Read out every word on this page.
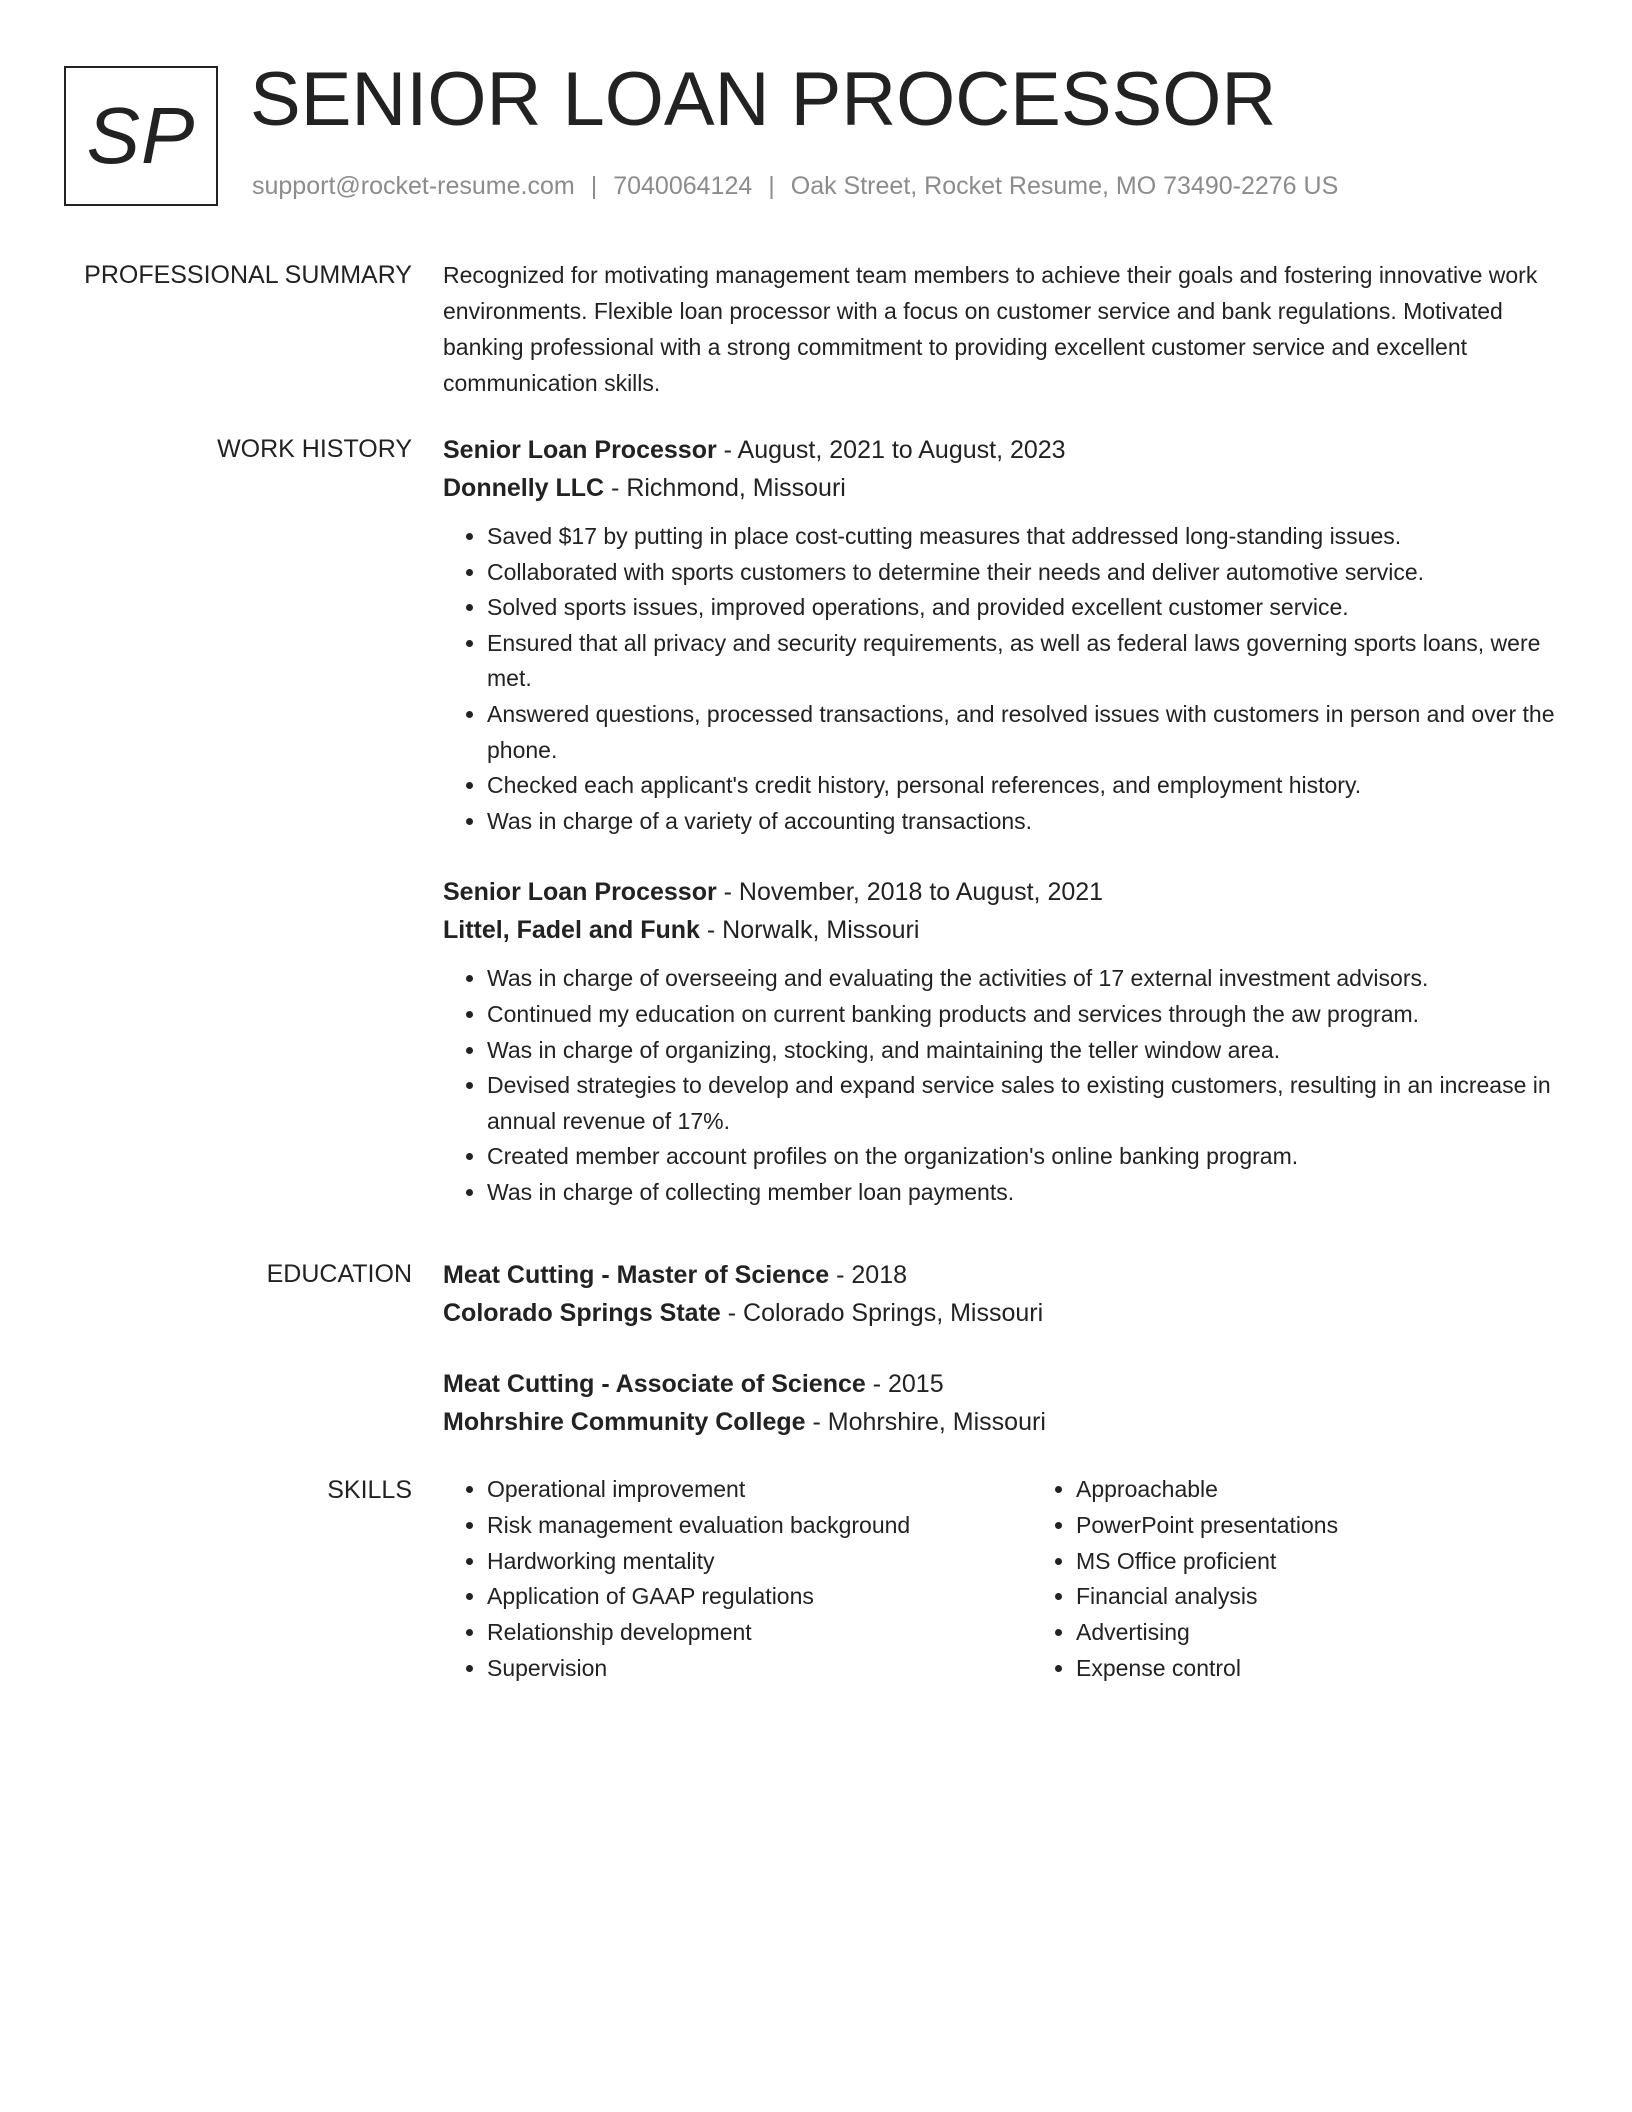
SP SENIOR LOAN PROCESSOR
support@rocket-resume.com | 7040064124 | Oak Street, Rocket Resume, MO 73490-2276 US
PROFESSIONAL SUMMARY Recognized for motivating management team members to achieve their goals and fostering innovative work environments. Flexible loan processor with a focus on customer service and bank regulations. Motivated banking professional with a strong commitment to providing excellent customer service and excellent communication skills.

WORK HISTORY Senior Loan Processor - August, 2021 to August, 2023

Donnelly LLC - Richmond, Missouri

• Saved $17 by putting in place cost-cutting measures that addressed long-standing issues.
• Collaborated with sports customers to determine their needs and deliver automotive service.
• Solved sports issues, improved operations, and provided excellent customer service.
• Ensured that all privacy and security requirements, as well as federal laws governing sports loans, were met.
• Answered questions, processed transactions, and resolved issues with customers in person and over the phone.
• Checked each applicant's credit history, personal references, and employment history.
• Was in charge of a variety of accounting transactions.

Senior Loan Processor - November, 2018 to August, 2021

Littel, Fadel and Funk - Norwalk, Missouri

• Was in charge of overseeing and evaluating the activities of 17 external investment advisors.
• Continued my education on current banking products and services through the aw program.
• Was in charge of organizing, stocking, and maintaining the teller window area.
• Devised strategies to develop and expand service sales to existing customers, resulting in an increase in annual revenue of 17%.
• Created member account profiles on the organization's online banking program.
• Was in charge of collecting member loan payments.
EDUCATION Meat Cutting - Master of Science - 2018
Colorado Springs State - Colorado Springs, Missouri
Meat Cutting - Associate of Science - 2015
Mohrshire Community College - Mohrshire, Missouri
SKILLS
•	Operational improvement
• Risk management evaluation background
• Hardworking mentality
• Application of GAAP regulations
• Relationship development
• Supervision
• Approachable
• PowerPoint presentations
• MS Office proficient
• Financial analysis
• Advertising
• Expense control
